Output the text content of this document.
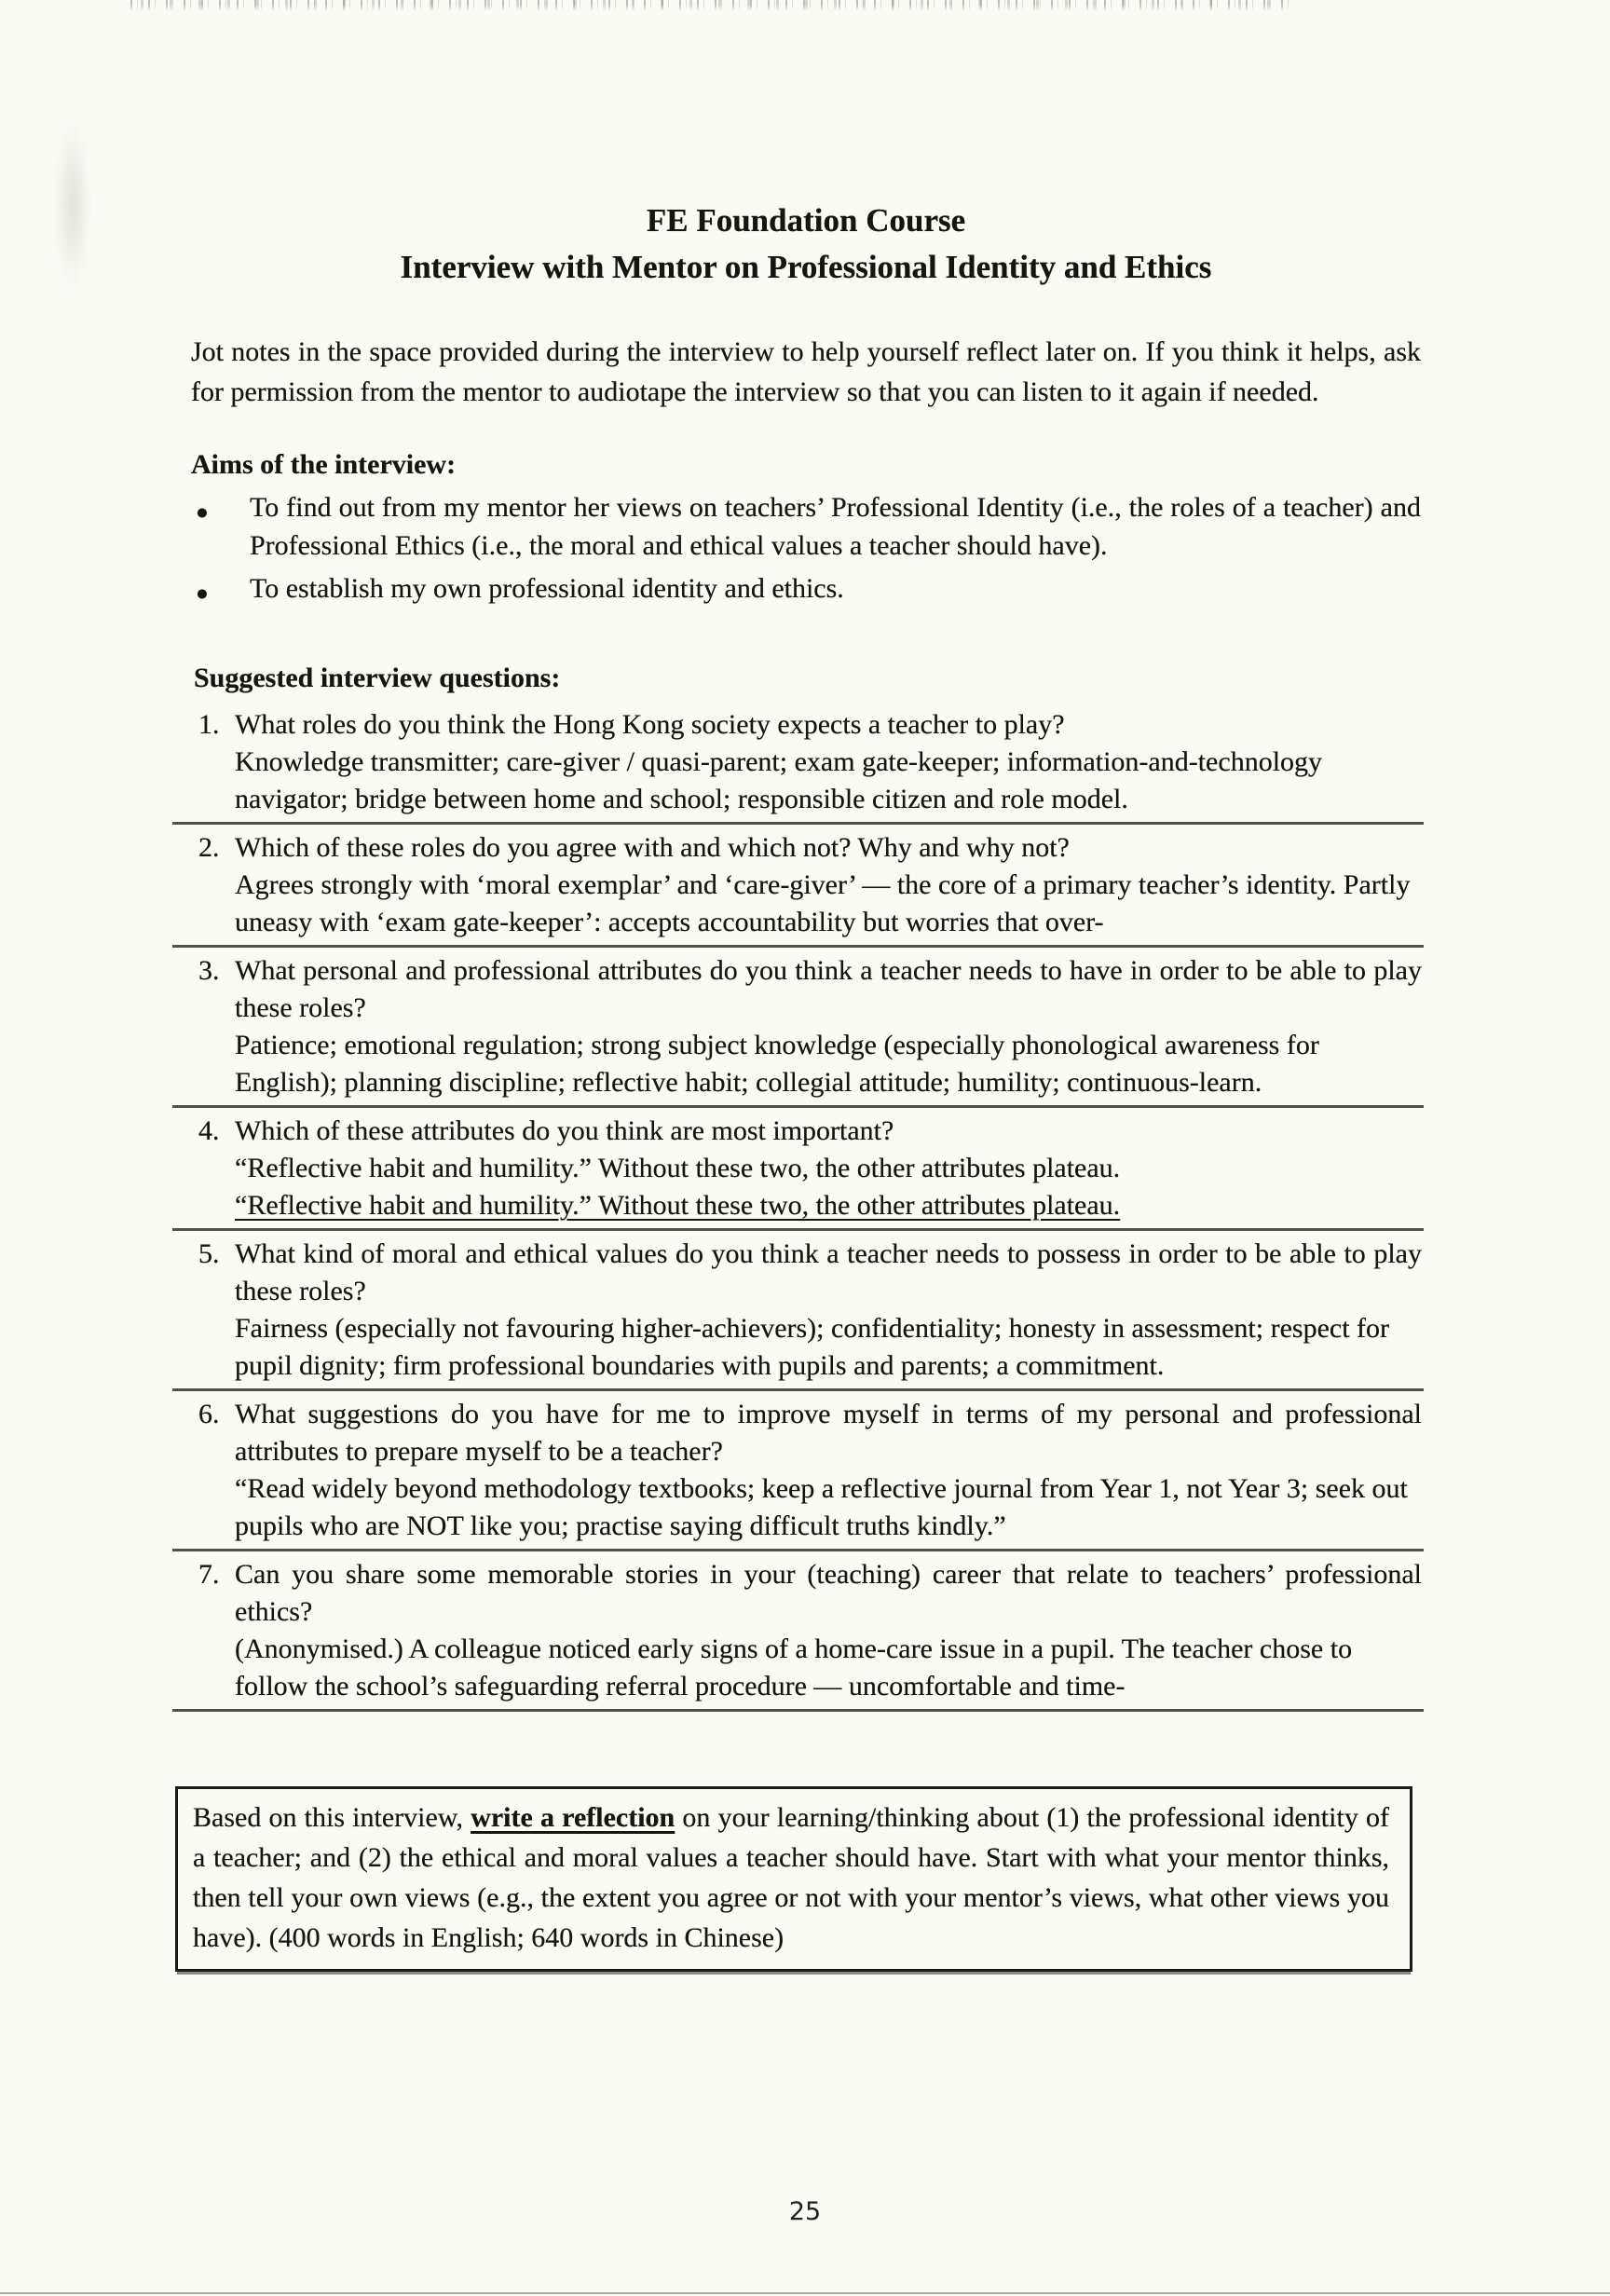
FE Foundation Course
Interview with Mentor on Professional Identity and Ethics
Jot notes in the space provided during the interview to help yourself reflect later on. If you think it helps, ask for permission from the mentor to audiotape the interview so that you can listen to it again if needed.
Aims of the interview:
●	To find out from my mentor her views on teachers’ Professional Identity (i.e., the roles of a teacher) and Professional Ethics (i.e., the moral and ethical values a teacher should have).
●	To establish my own professional identity and ethics.
Suggested interview questions:
1. What roles do you think the Hong Kong society expects a teacher to play?
Knowledge transmitter; care-giver / quasi-parent; exam gate-keeper; information-and-technology navigator; bridge between home and school; responsible citizen and role model.
2. Which of these roles do you agree with and which not? Why and why not?
Agrees strongly with ‘moral exemplar’ and ‘care-giver’ — the core of a primary teacher’s identity. Partly uneasy with ‘exam gate-keeper’: accepts accountability but worries that over-
3. What personal and professional attributes do you think a teacher needs to have in order to be able to play these roles?
Patience; emotional regulation; strong subject knowledge (especially phonological awareness for English); planning discipline; reflective habit; collegial attitude; humility; continuous-learn.
4. Which of these attributes do you think are most important?
“Reflective habit and humility.” Without these two, the other attributes plateau.
“Reflective habit and humility.” Without these two, the other attributes plateau.
5. What kind of moral and ethical values do you think a teacher needs to possess in order to be able to play these roles?
Fairness (especially not favouring higher-achievers); confidentiality; honesty in assessment; respect for pupil dignity; firm professional boundaries with pupils and parents; a commitment.
6. What suggestions do you have for me to improve myself in terms of my personal and professional attributes to prepare myself to be a teacher?
“Read widely beyond methodology textbooks; keep a reflective journal from Year 1, not Year 3; seek out pupils who are NOT like you; practise saying difficult truths kindly.”
7. Can you share some memorable stories in your (teaching) career that relate to teachers’ professional ethics?
(Anonymised.) A colleague noticed early signs of a home-care issue in a pupil. The teacher chose to follow the school’s safeguarding referral procedure — uncomfortable and time-
Based on this interview, write a reflection on your learning/thinking about (1) the professional identity of a teacher; and (2) the ethical and moral values a teacher should have. Start with what your mentor thinks, then tell your own views (e.g., the extent you agree or not with your mentor’s views, what other views you have). (400 words in English; 640 words in Chinese)
25
